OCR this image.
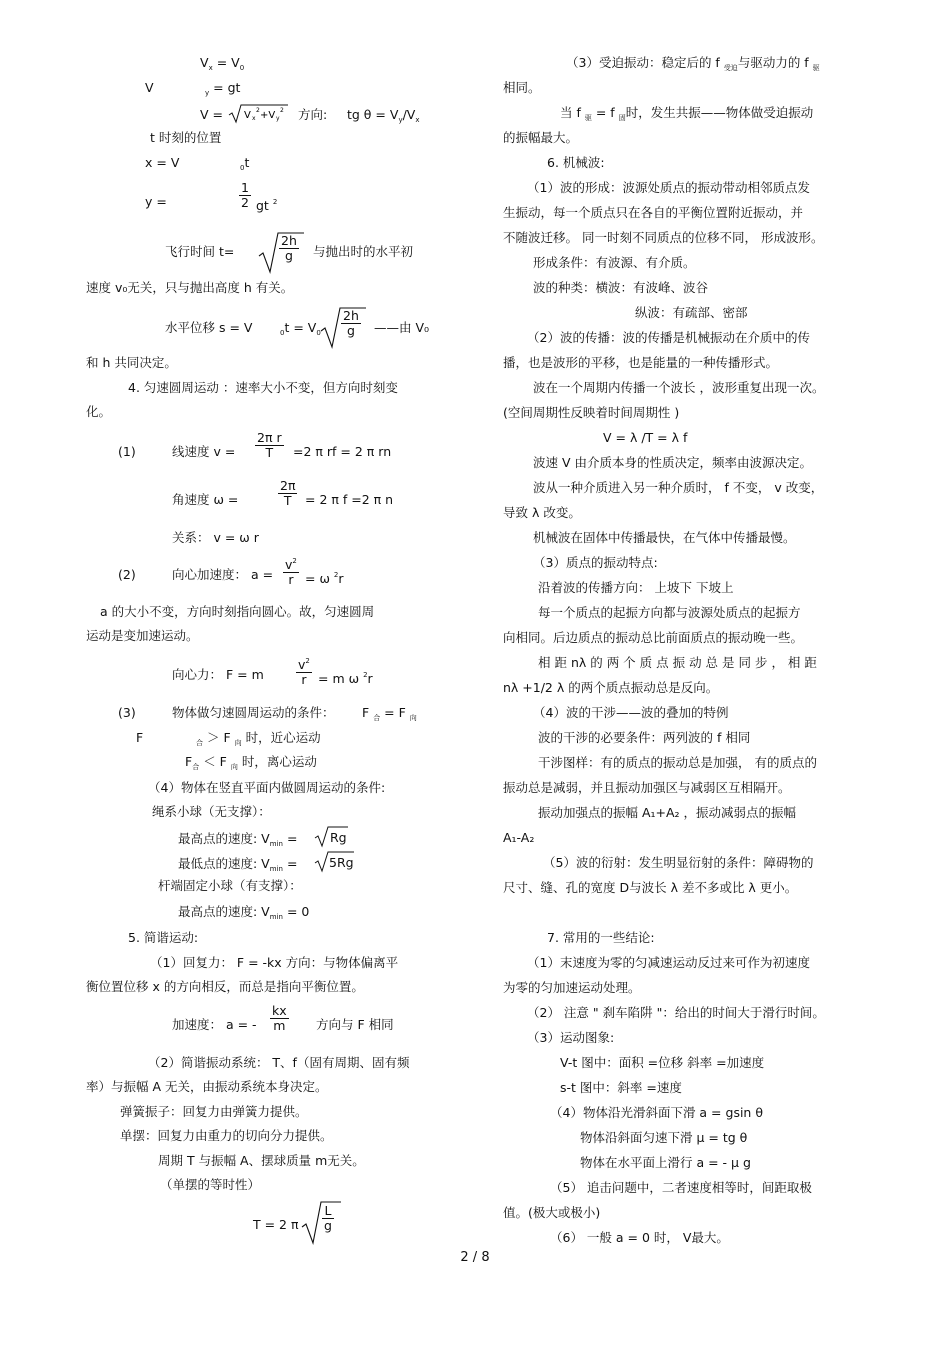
$V_x = V_0$
V	$_y$ = gt
V = V x
2 +V y
2 方向: tg $\theta = V_y/V_x$
t 时刻的位置
x = V	$_0$t
y =	$\frac{1}{2}$ gt $^2$
飞行时间 t=	$\frac{2h}{g}$ 与抛出时的水平初
速度 v₀无关，只与抛出高度 h 有关。
水平位移 s = V	$_0t = V_0 \frac{2h}{g}$ ——由 V₀
和 h 共同决定。
4. 匀速圆周运动 ：速率大小不变，但方向时刻变
化。
(1)	线速度 $v = \frac{\text{2π r}}{T} =2$ π rf = 2 π rn
角速度 ω =	$\frac{2\pi}{T} = 2$ π f =2 π n
关系： v = ω r
(2)	向心加速度： $a = \frac{v^2}{r} = \omega$ $^2$r
a 的大小不变，方向时刻指向圆心。故，匀速圆周
运动是变加速运动。
向心力： F = m	$\frac{v^2}{r} = m$ ω $^2$r
(3)	物体做匀速圆周运动的条件： F $_合$ = F $_向$
F	$_合$ ＞ F $_向$ 时，近心运动
$F_合 < F$ $_向$ 时，离心运动
（4）物体在竖直平面内做圆周运动的条件:
绳系小球（无支撑）：
最高点的速度: $V_{min}$ =	Rg
最低点的速度: $V_{min}$ =	5Rg
杆端固定小球（有支撑）：
最高点的速度: $V_{min} = 0$
5. 简谐运动:
（1）回复力： F = -kx 方向：与物体偏离平
衡位置位移 x 的方向相反，而总是指向平衡位置。
加速度： a = - $\frac{kx}{m}$ 方向与 F 相同
（2）简谐振动系统： T、f（固有周期、固有频
率）与振幅 A 无关，由振动系统本身决定。
弹簧振子：回复力由弹簧力提供。
单摆：回复力由重力的切向分力提供。
周期 T 与振幅 A、摆球质量 m无关。
（单摆的等时性）
T = 2 π $\frac{L}{g}$
（3）受迫振动：稳定后的 f $_{受迫}$与驱动力的 f $_驱$
相同。
当 f $_驱$ = f $_固$时，发生共振——物体做受迫振动
的振幅最大。
6. 机械波:
（1）波的形成：波源处质点的振动带动相邻质点发
生振动，每一个质点只在各自的平衡位置附近振动，并
不随波迁移。 同一时刻不同质点的位移不同， 形成波形。
形成条件：有波源、有介质。
波的种类：横波：有波峰、波谷
纵波：有疏部、密部
（2）波的传播：波的传播是机械振动在介质中的传
播，也是波形的平移，也是能量的一种传播形式。
波在一个周期内传播一个波长 ，波形重复出现一次。
(空间周期性反映着时间周期性 )
V = λ /T = λ f
波速 V 由介质本身的性质决定，频率由波源决定。
波从一种介质进入另一种介质时， f 不变， v 改变，
导致 λ 改变。
机械波在固体中传播最快，在气体中传播最慢。
（3）质点的振动特点:
沿着波的传播方向： 上坡下 下坡上
每一个质点的起振方向都与波源处质点的起振方
向相同。后边质点的振动总比前面质点的振动晚一些。
相 距 nλ 的 两 个 质 点 振 动 总 是 同 步 ， 相 距
nλ +1/2 λ 的两个质点振动总是反向。
（4）波的干涉——波的叠加的特例
波的干涉的必要条件：两列波的 f 相同
干涉图样：有的质点的振动总是加强， 有的质点的
振动总是减弱，并且振动加强区与减弱区互相隔开。
振动加强点的振幅 A₁+A₂ ，振动减弱点的振幅
A₁-A₂
（5）波的衍射：发生明显衍射的条件：障碍物的
尺寸、缝、孔的宽度 D与波长 λ 差不多或比 λ 更小。
7. 常用的一些结论:
（1）末速度为零的匀减速运动反过来可作为初速度
为零的匀加速运动处理。
（2） 注意 " 刹车陷阱 "：给出的时间大于滑行时间。
（3）运动图象:
V-t 图中：面积 =位移 斜率 =加速度
s-t 图中：斜率 =速度
（4）物体沿光滑斜面下滑 a = gsin θ
物体沿斜面匀速下滑 μ = tg θ
物体在水平面上滑行 a = - μ g
（5） 追击问题中，二者速度相等时，间距取极
值。(极大或极小)
（6） 一般 a = 0 时， V最大。
2 / 8
